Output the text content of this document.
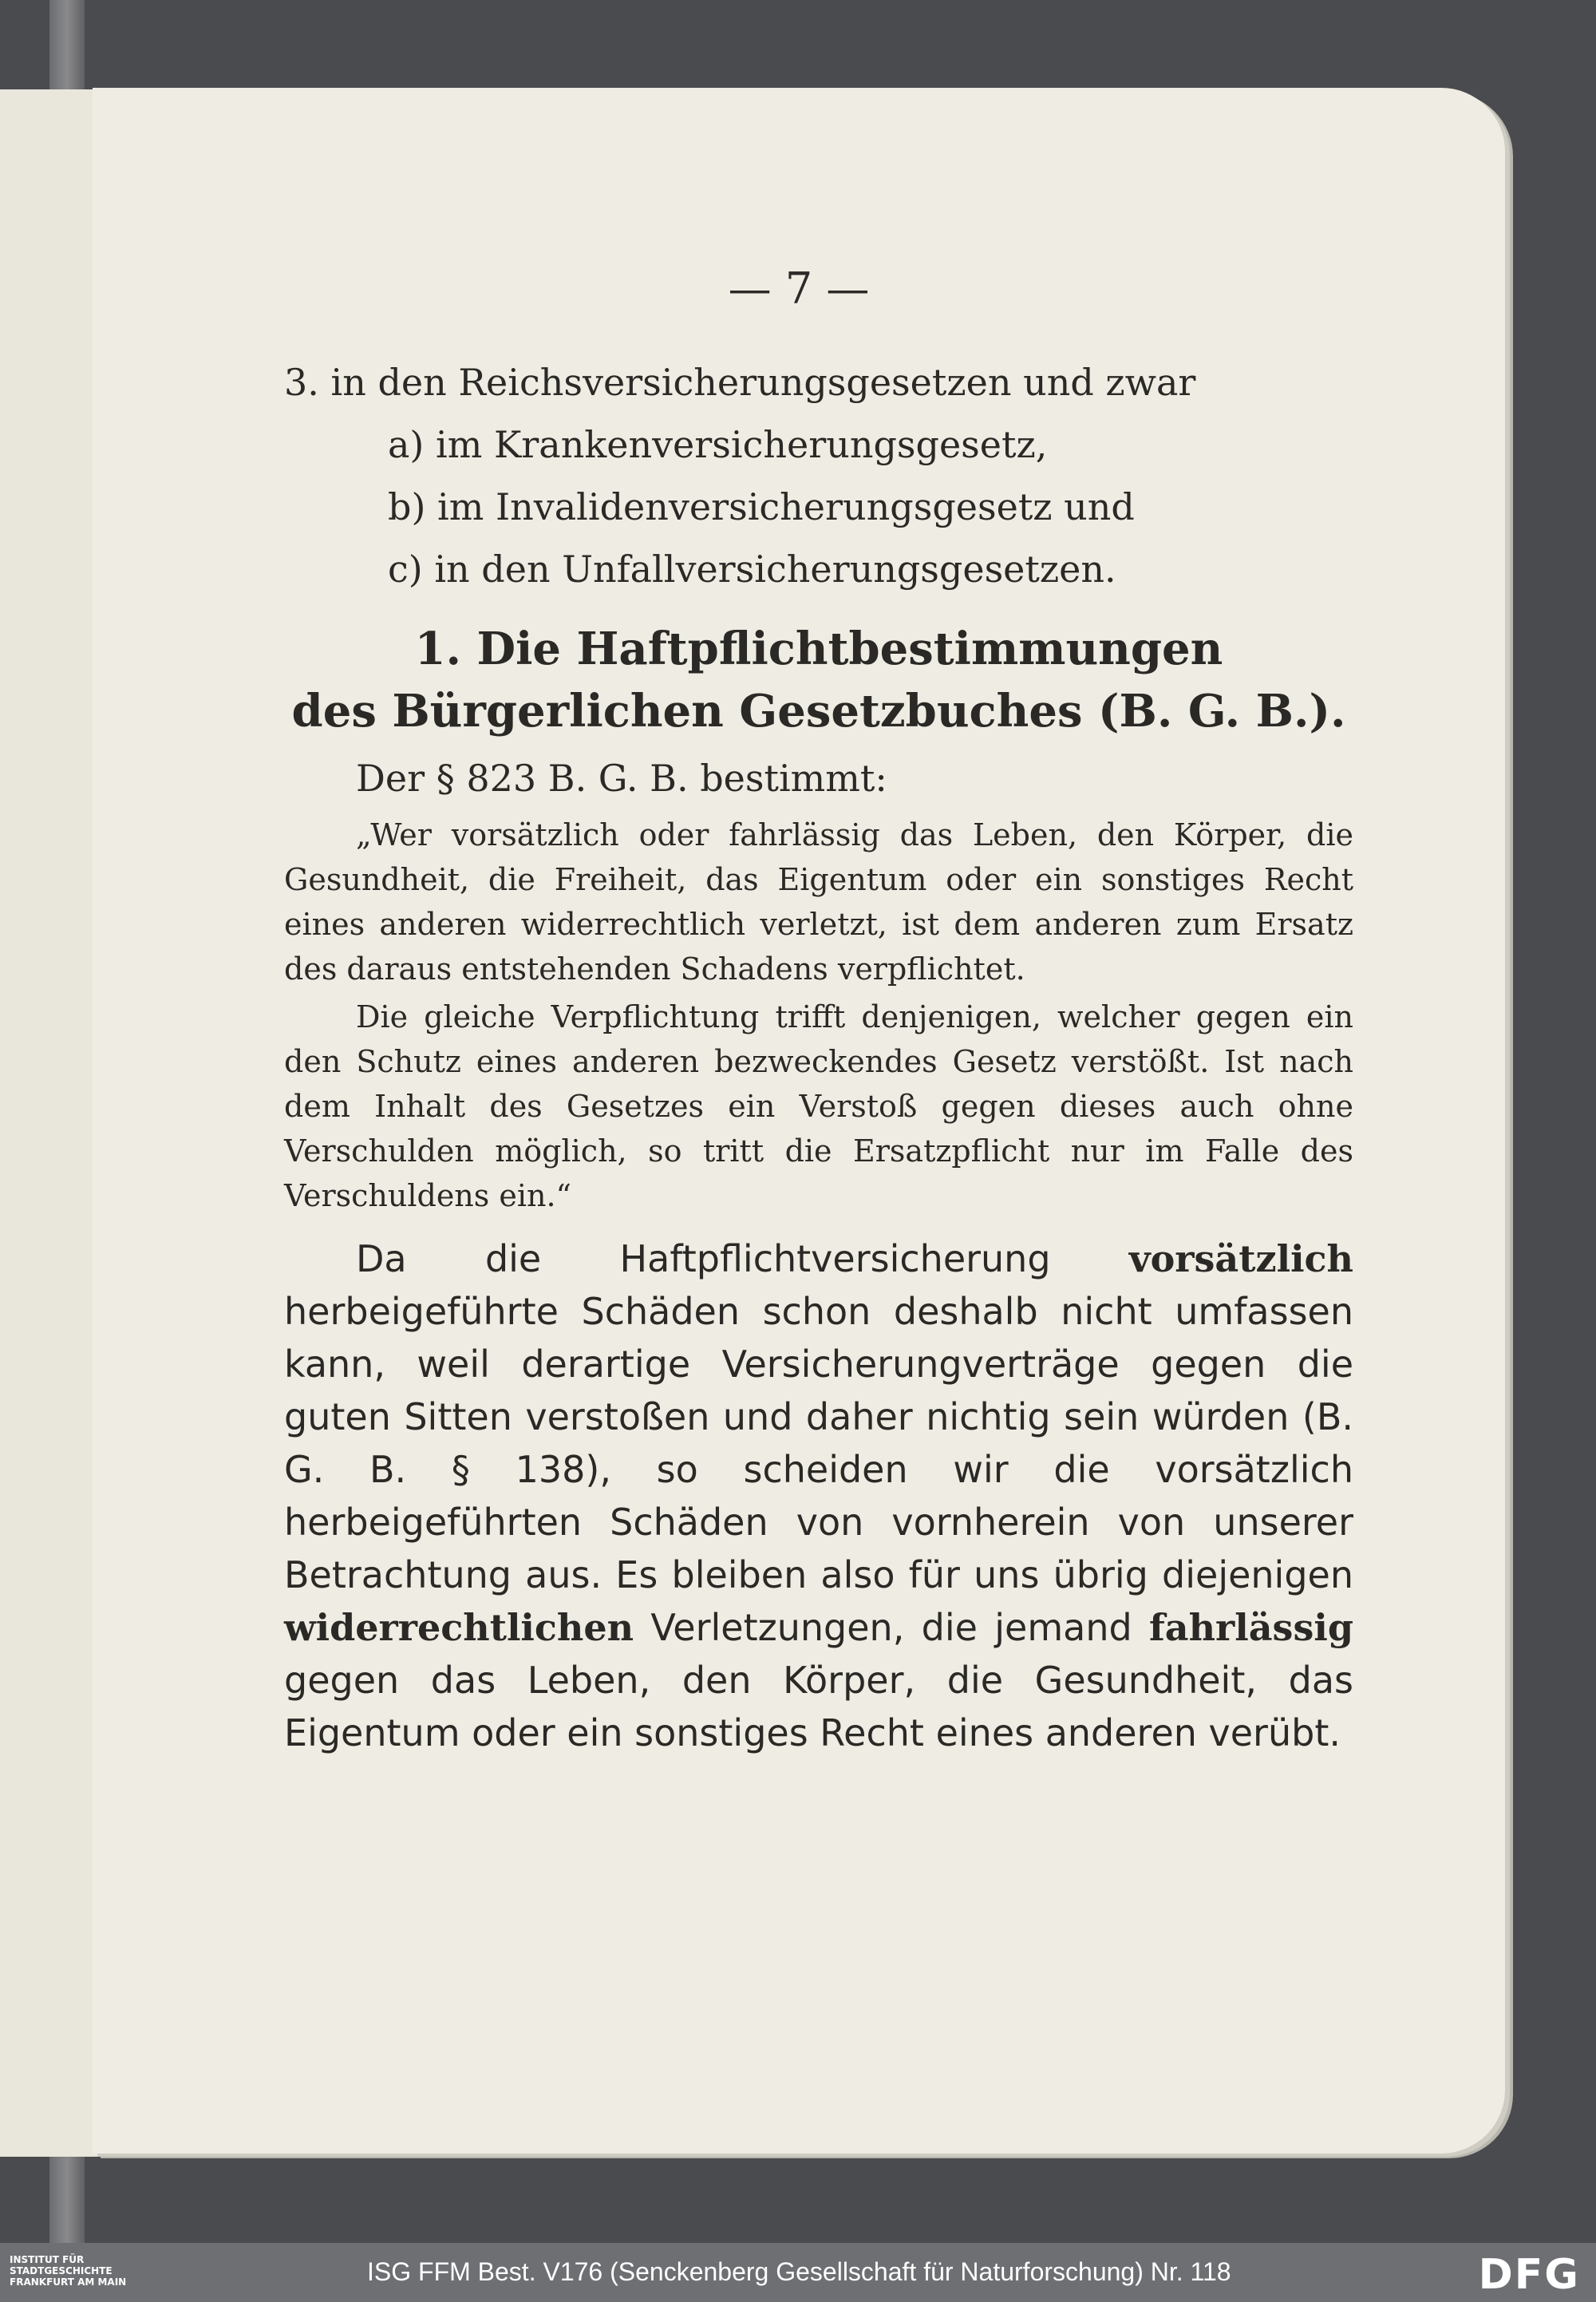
— 7 —
3. in den Reichsversicherungsgesetzen und zwar
a) im Krankenversicherungsgesetz,
b) im Invalidenversicherungsgesetz und
c) in den Unfallversicherungsgesetzen.
1. Die Haftpflichtbestimmungen
des Bürgerlichen Gesetzbuches (B. G. B.).
Der § 823 B. G. B. bestimmt:

„Wer vorsätzlich oder fahrlässig das Leben, den Körper, die Gesundheit, die Freiheit, das Eigentum oder ein sonstiges Recht eines anderen widerrechtlich verletzt, ist dem anderen zum Ersatz des daraus entstehenden Schadens verpflichtet.

Die gleiche Verpflichtung trifft denjenigen, welcher gegen ein den Schutz eines anderen bezweckendes Gesetz verstößt. Ist nach dem Inhalt des Gesetzes ein Verstoß gegen dieses auch ohne Verschulden möglich, so tritt die Ersatzpflicht nur im Falle des Verschuldens ein.“

Da die Haftpflichtversicherung vorsätzlich herbeigeführte Schäden schon deshalb nicht umfassen kann, weil derartige Versicherungverträge gegen die guten Sitten verstoßen und daher nichtig sein würden (B. G. B. § 138), so scheiden wir die vorsätzlich herbeigeführten Schäden von vornherein von unserer Betrachtung aus. Es bleiben also für uns übrig diejenigen widerrechtlichen Verletzungen, die jemand fahrlässig gegen das Leben, den Körper, die Gesundheit, das Eigentum oder ein sonstiges Recht eines anderen verübt.
INSTITUT FÜR
STADTGESCHICHTE
FRANKFURT AM MAIN	ISG FFM Best. V176 (Senckenberg Gesellschaft für Naturforschung) Nr. 118	DFG
